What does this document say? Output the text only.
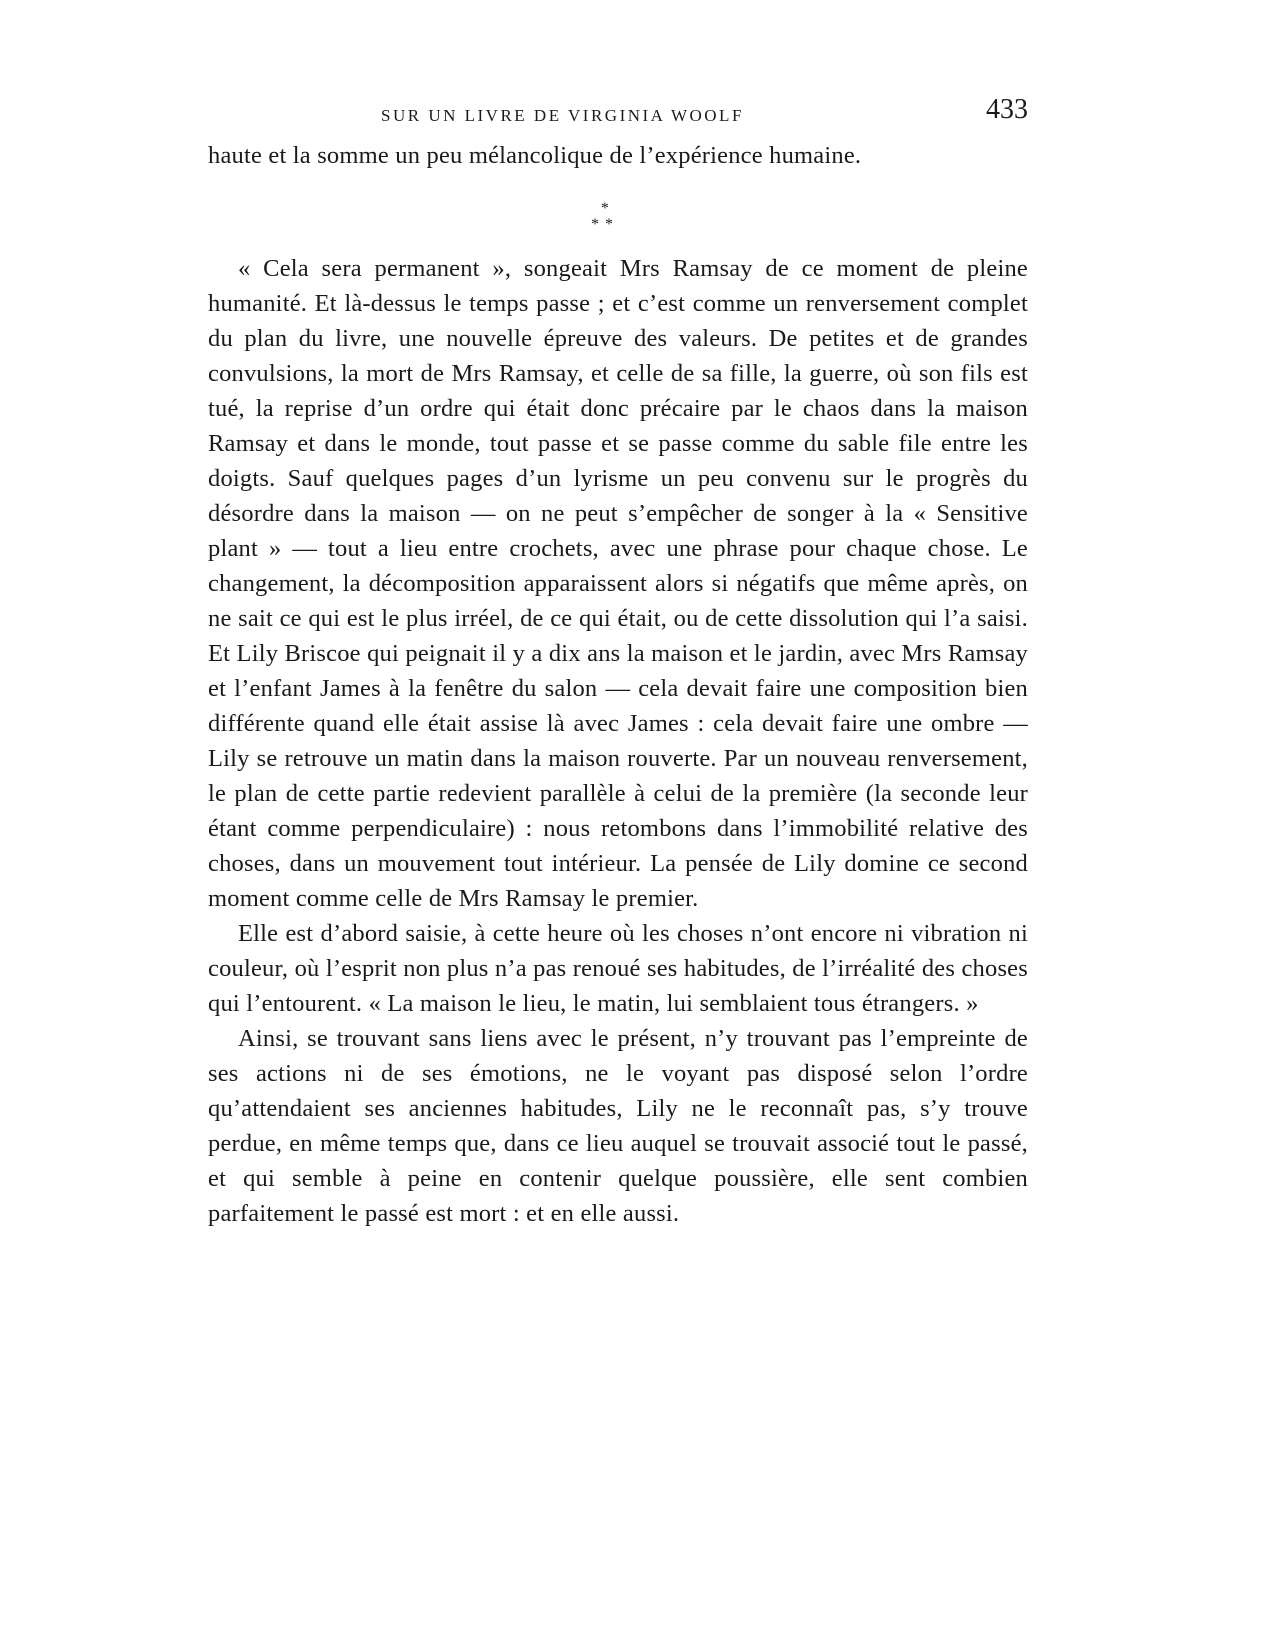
SUR UN LIVRE DE VIRGINIA WOOLF	433

haute et la somme un peu mélancolique de l’expérience humaine.

*
**

« Cela sera permanent », songeait Mrs Ramsay de ce moment de pleine humanité. Et là-dessus le temps passe ; et c’est comme un renversement complet du plan du livre, une nouvelle épreuve des valeurs. De petites et de grandes convulsions, la mort de Mrs Ramsay, et celle de sa fille, la guerre, où son fils est tué, la reprise d’un ordre qui était donc précaire par le chaos dans la maison Ramsay et dans le monde, tout passe et se passe comme du sable file entre les doigts. Sauf quelques pages d’un lyrisme un peu convenu sur le progrès du désordre dans la maison — on ne peut s’empêcher de songer à la « Sensitive plant » — tout a lieu entre crochets, avec une phrase pour chaque chose. Le changement, la décomposition apparaissent alors si négatifs que même après, on ne sait ce qui est le plus irréel, de ce qui était, ou de cette dissolution qui l’a saisi. Et Lily Briscoe qui peignait il y a dix ans la maison et le jardin, avec Mrs Ramsay et l’enfant James à la fenêtre du salon — cela devait faire une composition bien différente quand elle était assise là avec James : cela devait faire une ombre — Lily se retrouve un matin dans la maison rouverte. Par un nouveau renversement, le plan de cette partie redevient parallèle à celui de la première (la seconde leur étant comme perpendiculaire) : nous retombons dans l’immobilité relative des choses, dans un mouvement tout intérieur. La pensée de Lily domine ce second moment comme celle de Mrs Ramsay le premier.

Elle est d’abord saisie, à cette heure où les choses n’ont encore ni vibration ni couleur, où l’esprit non plus n’a pas renoué ses habitudes, de l’irréalité des choses qui l’entourent. « La maison le lieu, le matin, lui semblaient tous étrangers. »

Ainsi, se trouvant sans liens avec le présent, n’y trouvant pas l’empreinte de ses actions ni de ses émotions, ne le voyant pas disposé selon l’ordre qu’attendaient ses anciennes habitudes, Lily ne le reconnaît pas, s’y trouve perdue, en même temps que, dans ce lieu auquel se trouvait associé tout le passé, et qui semble à peine en contenir quelque poussière, elle sent combien parfaitement le passé est mort : et en elle aussi.
